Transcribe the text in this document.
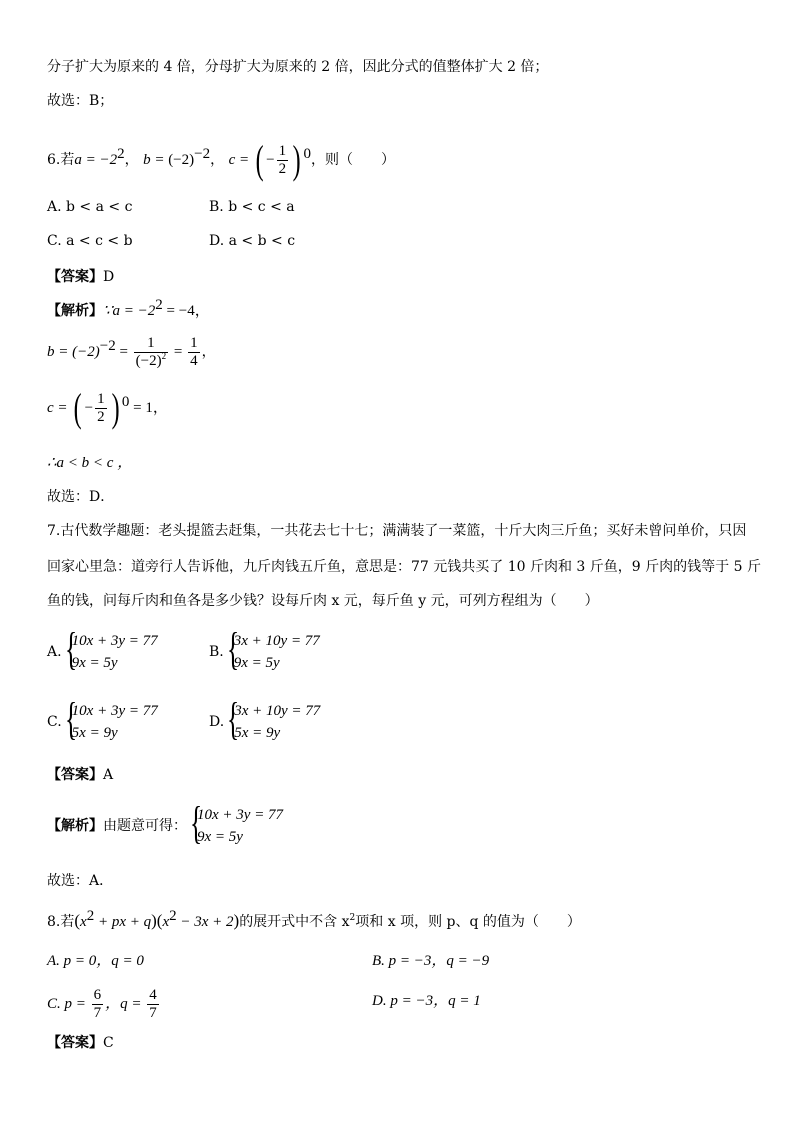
分子扩大为原来的 4 倍，分母扩大为原来的 2 倍，因此分式的值整体扩大 2 倍；
故选：B；
6.若$a = -2^2$， $b = (-2)^{-2}$， c = ( − $\frac{1}{2}$ ) $^0$，则（　　）
A. b < a < c	B. b < c < a
C. a < c < b	D. a < b < c
【答案】D
【解析】∵a = $-2^2 = -4$，
$b = (-2)^{-2} = \frac{1}{(-2)^2} = \frac{1}{4}$ ，
c = ( − $\frac{1}{2}$ ) $^0$ = 1，
∴a < b < c ，
故选：D．
7.古代数学趣题：老头提篮去赶集，一共花去七十七；满满装了一菜篮，十斤大肉三斤鱼；买好未曾问单价，只因
回家心里急：道旁行人告诉他，九斤肉钱五斤鱼，意思是：77 元钱共买了 10 斤肉和 3 斤鱼，9 斤肉的钱等于 5 斤
鱼的钱，问每斤肉和鱼各是多少钱？设每斤肉 x 元，每斤鱼 y 元，可列方程组为（　　）
A. {
10x + 3y = 77
9x = 5y
B. {
3x + 10y = 77
9x = 5y
C. {
10x + 3y = 77
5x = 9y
D. {
3x + 10y = 77
5x = 9y
【答案】A
【解析】由题意可得： {
10x + 3y = 77
9x = 5y
故选：A．
8.若($x^2$ + px + $q)(x^2 - 3x + 2)$的展开式中不含 $x^2$项和 x 项，则 p、q 的值为（　　）
A. p = 0，q = 0	B. p = −3，q = −9
C. $p = \frac{6}{7}$ ，$q = \frac{4}{7}$	D. p = −3，q = 1
【答案】C
